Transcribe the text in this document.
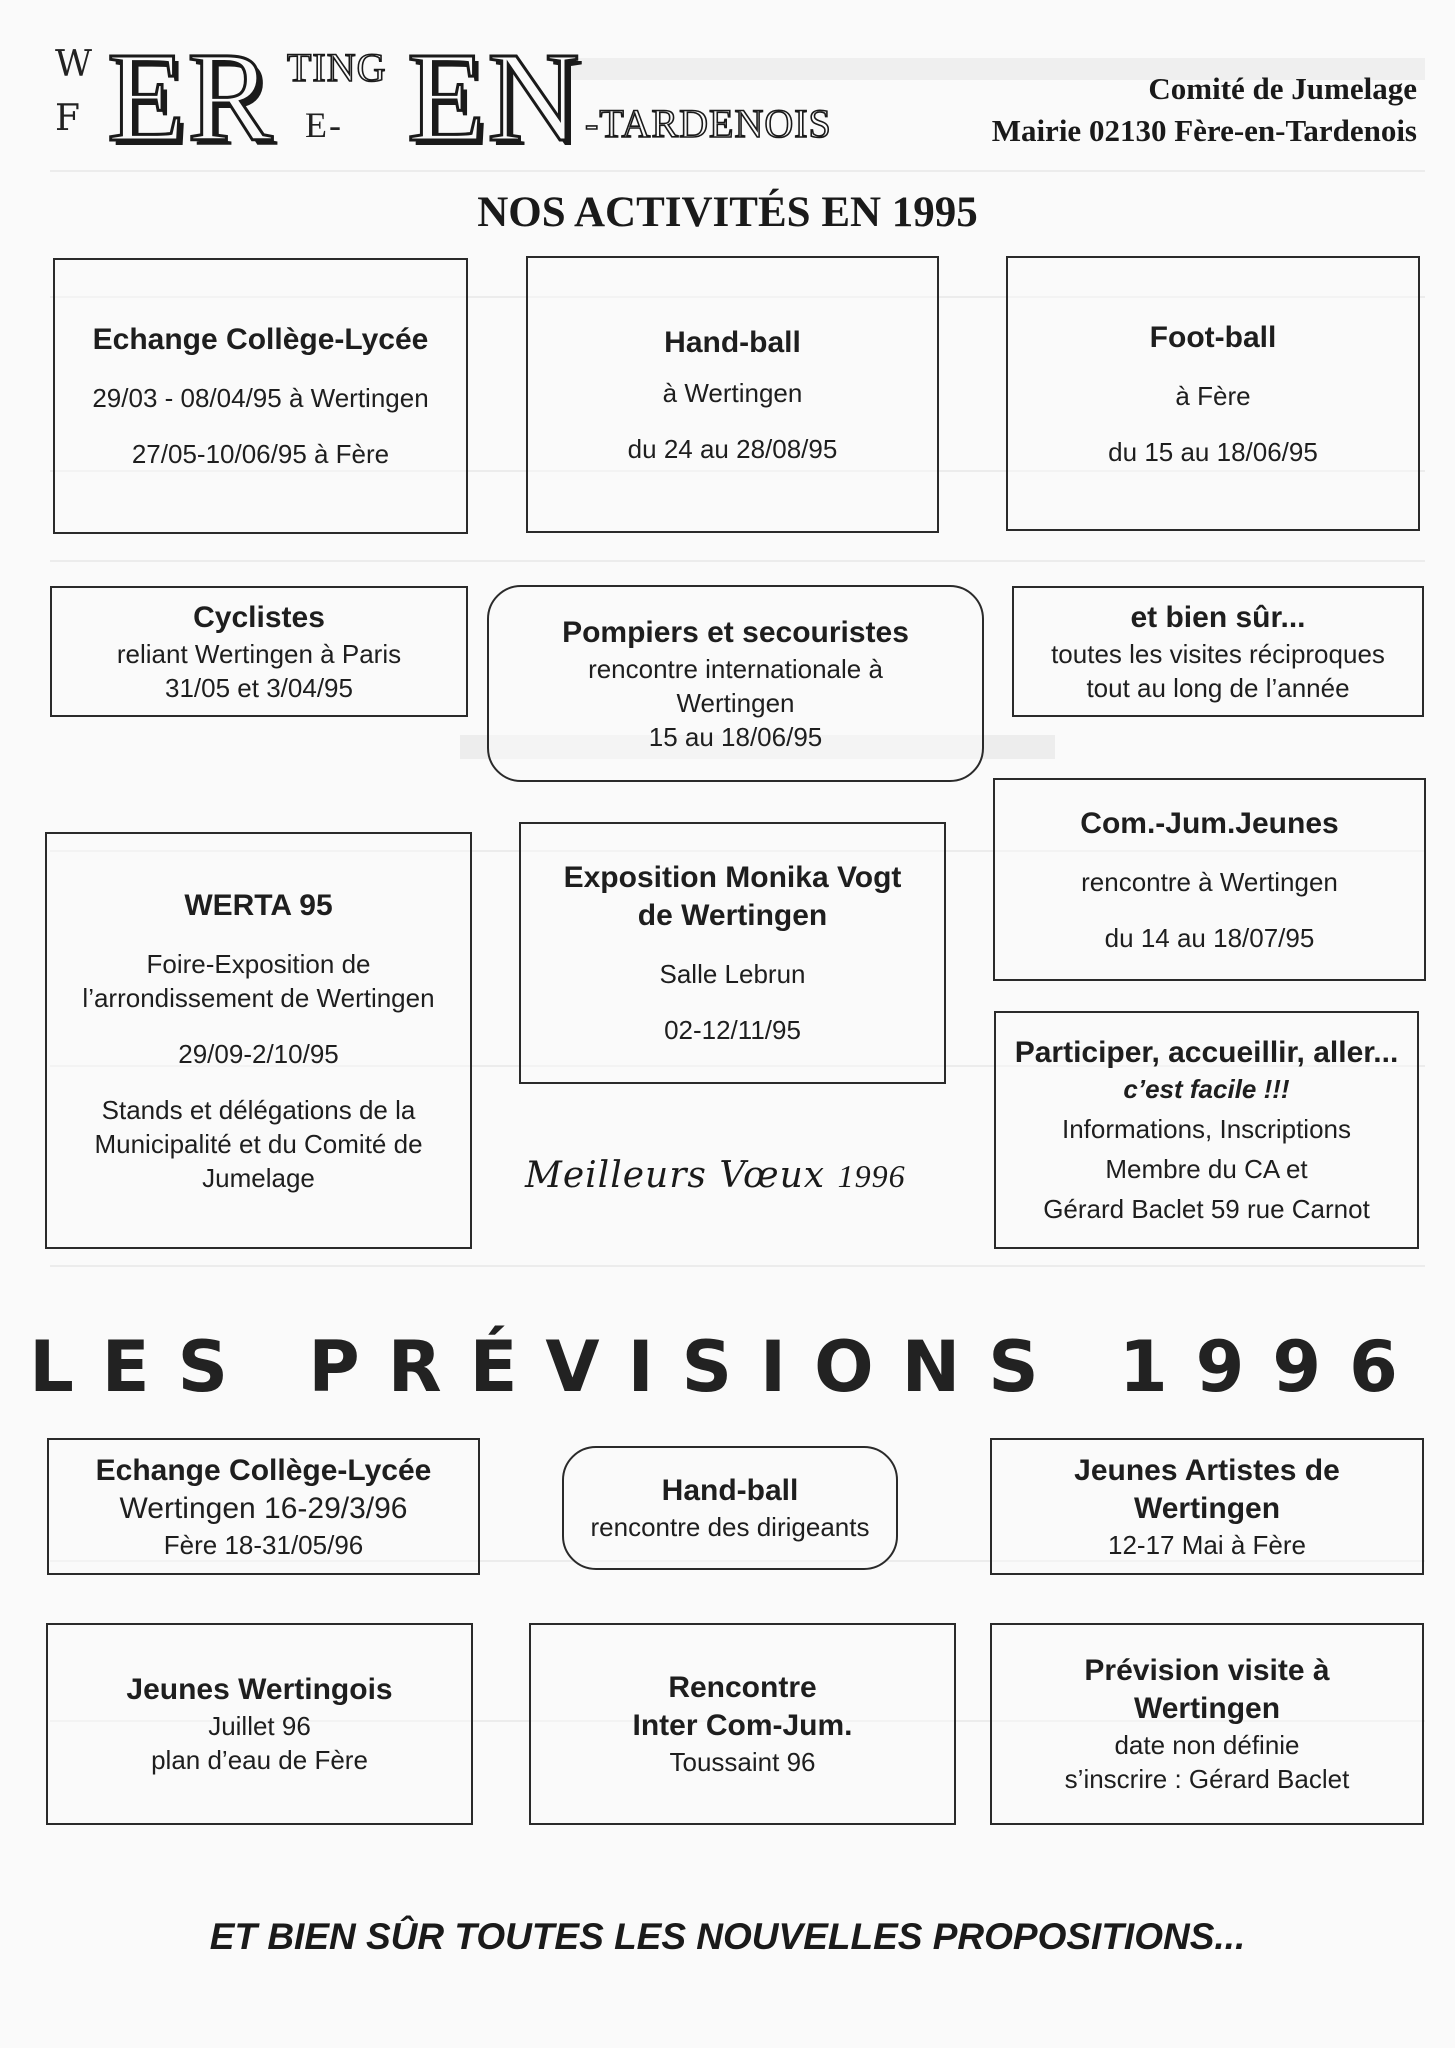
W
F ER TING
E- EN -TARDENOIS
Comité de Jumelage
Mairie 02130 Fère-en-Tardenois
NOS ACTIVITÉS EN 1995
Echange Collège-Lycée
29/03 - 08/04/95 à Wertingen
27/05-10/06/95 à Fère
Hand-ball
à Wertingen
du 24 au 28/08/95
Foot-ball
à Fère
du 15 au 18/06/95
Cyclistes
reliant Wertingen à Paris
31/05 et 3/04/95
Pompiers et secouristes
rencontre internationale à
Wertingen
15 au 18/06/95
et bien sûr...
toutes les visites réciproques
tout au long de l’année
Com.-Jum.Jeunes
rencontre à Wertingen
du 14 au 18/07/95
WERTA 95
Foire-Exposition de
l’arrondissement de Wertingen
29/09-2/10/95
Stands et délégations de la
Municipalité et du Comité de
Jumelage
Exposition Monika Vogt
de Wertingen
Salle Lebrun
02-12/11/95
Participer, accueillir, aller...
c’est facile !!!
Informations, Inscriptions
Membre du CA et
Gérard Baclet 59 rue Carnot
Meilleurs Vœux 1996
LES PRÉVISIONS 1996
Echange Collège-Lycée
Wertingen 16-29/3/96
Fère 18-31/05/96
Hand-ball
rencontre des dirigeants
Jeunes Artistes de
Wertingen
12-17 Mai à Fère
Jeunes Wertingois
Juillet 96
plan d’eau de Fère
Rencontre
Inter Com-Jum.
Toussaint 96
Prévision visite à
Wertingen
date non définie
s’inscrire : Gérard Baclet
ET BIEN SÛR TOUTES LES NOUVELLES PROPOSITIONS...
